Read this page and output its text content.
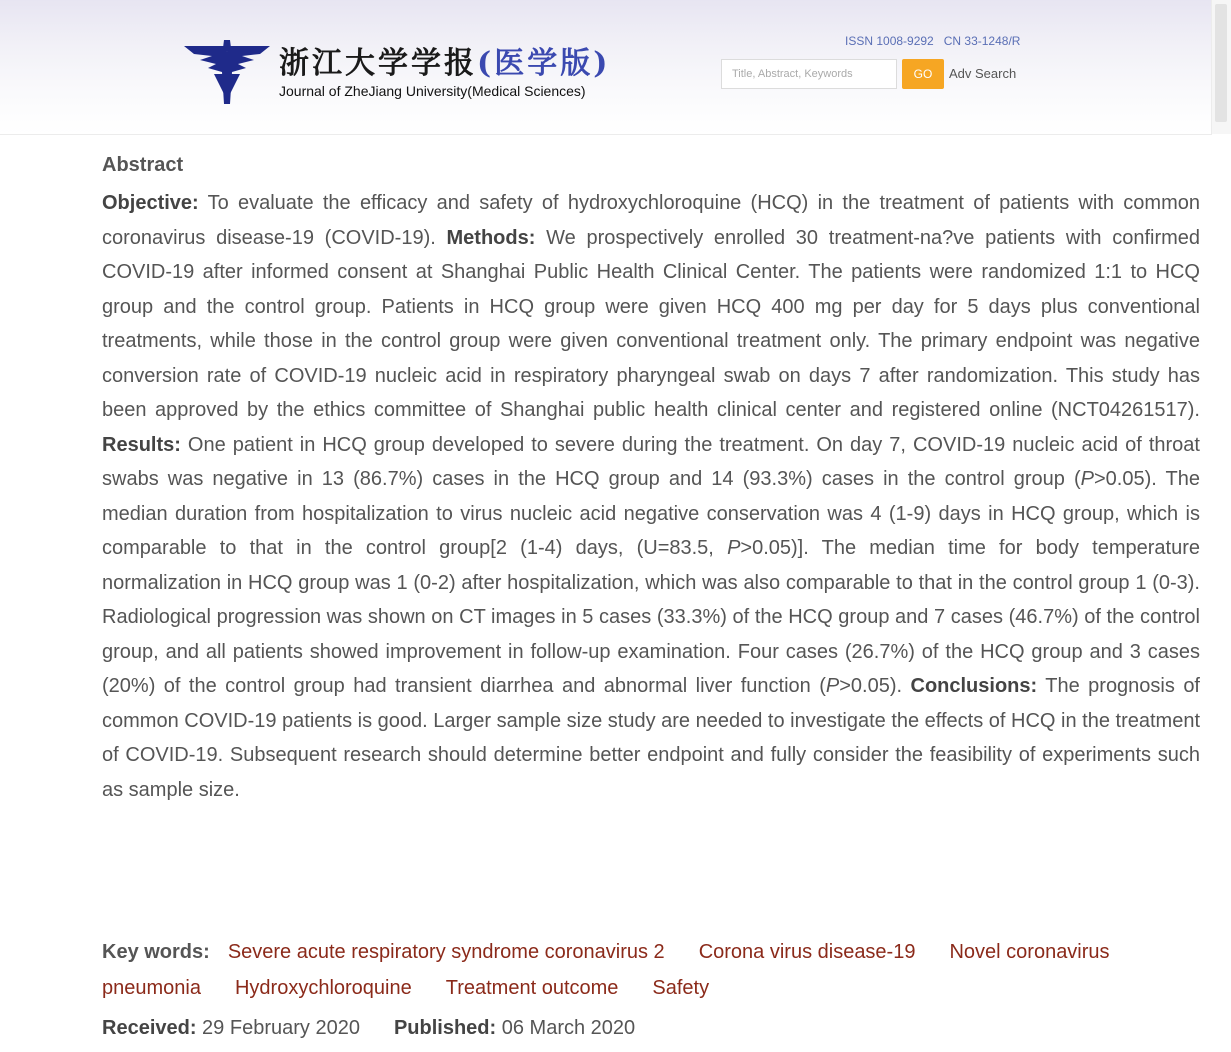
浙江大学学报(医学版)
Journal of ZheJiang University(Medical Sciences)
ISSN 1008-9292 CN 33-1248/R
Title, Abstract, Keywords
GO	Adv Search
Abstract

Objective: To evaluate the efficacy and safety of hydroxychloroquine (HCQ) in the treatment of patients with common coronavirus disease-19 (COVID-19). Methods: We prospectively enrolled 30 treatment-na?ve patients with confirmed COVID-19 after informed consent at Shanghai Public Health Clinical Center. The patients were randomized 1:1 to HCQ group and the control group. Patients in HCQ group were given HCQ 400 mg per day for 5 days plus conventional treatments, while those in the control group were given conventional treatment only. The primary endpoint was negative conversion rate of COVID-19 nucleic acid in respiratory pharyngeal swab on days 7 after randomization. This study has been approved by the ethics committee of Shanghai public health clinical center and registered online (NCT04261517). Results: One patient in HCQ group developed to severe during the treatment. On day 7, COVID-19 nucleic acid of throat swabs was negative in 13 (86.7%) cases in the HCQ group and 14 (93.3%) cases in the control group (P>0.05). The median duration from hospitalization to virus nucleic acid negative conservation was 4 (1-9) days in HCQ group, which is comparable to that in the control group[2 (1-4) days, (U=83.5, P>0.05)]. The median time for body temperature normalization in HCQ group was 1 (0-2) after hospitalization, which was also comparable to that in the control group 1 (0-3). Radiological progression was shown on CT images in 5 cases (33.3%) of the HCQ group and 7 cases (46.7%) of the control group, and all patients showed improvement in follow-up examination. Four cases (26.7%) of the HCQ group and 3 cases (20%) of the control group had transient diarrhea and abnormal liver function (P>0.05). Conclusions: The prognosis of common COVID-19 patients is good. Larger sample size study are needed to investigate the effects of HCQ in the treatment of COVID-19. Subsequent research should determine better endpoint and fully consider the feasibility of experiments such as sample size.

Key words: Severe acute respiratory syndrome coronavirus 2 Corona virus disease-19 Novel coronavirus pneumonia Hydroxychloroquine Treatment outcome Safety
Received: 29 February 2020 Published: 06 March 2020
